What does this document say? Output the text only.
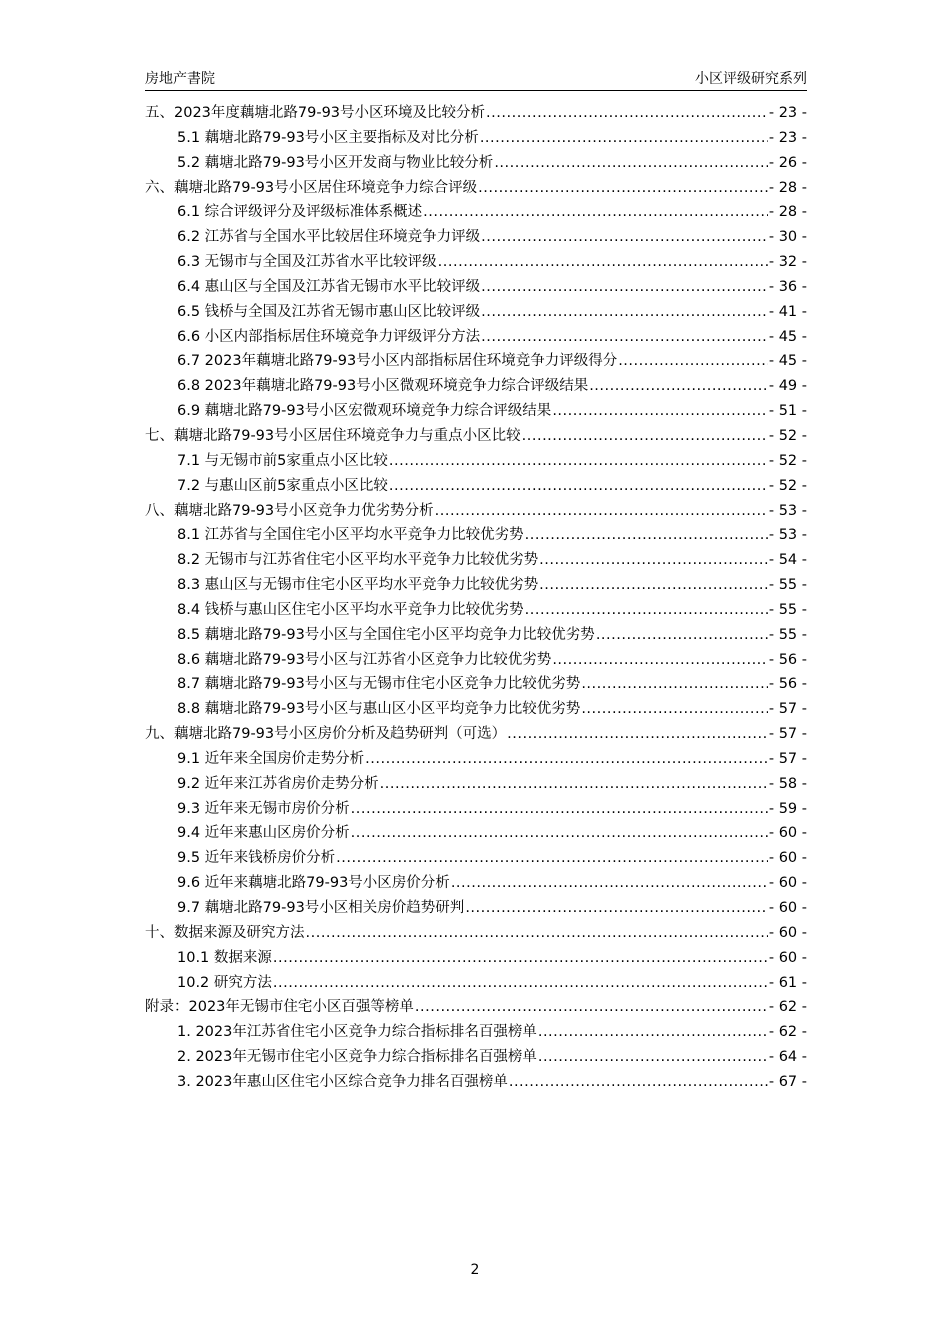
房地产書院	小区评级研究系列
五、2023年度藕塘北路79-93号小区环境及比较分析 .....	- 23 -
5.1 藕塘北路79-93号小区主要指标及对比分析 .....	- 23 -
5.2 藕塘北路79-93号小区开发商与物业比较分析 .....	- 26 -
六、藕塘北路79-93号小区居住环境竞争力综合评级 .....	- 28 -
6.1 综合评级评分及评级标准体系概述 .....	- 28 -
6.2 江苏省与全国水平比较居住环境竞争力评级 .....	- 30 -
6.3 无锡市与全国及江苏省水平比较评级 .....	- 32 -
6.4 惠山区与全国及江苏省无锡市水平比较评级 .....	- 36 -
6.5 钱桥与全国及江苏省无锡市惠山区比较评级 .....	- 41 -
6.6 小区内部指标居住环境竞争力评级评分方法 .....	- 45 -
6.7 2023年藕塘北路79-93号小区内部指标居住环境竞争力评级得分 .....	- 45 -
6.8 2023年藕塘北路79-93号小区微观环境竞争力综合评级结果 .....	- 49 -
6.9 藕塘北路79-93号小区宏微观环境竞争力综合评级结果 .....	- 51 -
七、藕塘北路79-93号小区居住环境竞争力与重点小区比较 .....	- 52 -
7.1 与无锡市前5家重点小区比较 .....	- 52 -
7.2 与惠山区前5家重点小区比较 .....	- 52 -
八、藕塘北路79-93号小区竞争力优劣势分析 .....	- 53 -
8.1 江苏省与全国住宅小区平均水平竞争力比较优劣势 .....	- 53 -
8.2 无锡市与江苏省住宅小区平均水平竞争力比较优劣势 .....	- 54 -
8.3 惠山区与无锡市住宅小区平均水平竞争力比较优劣势 .....	- 55 -
8.4 钱桥与惠山区住宅小区平均水平竞争力比较优劣势 .....	- 55 -
8.5 藕塘北路79-93号小区与全国住宅小区平均竞争力比较优劣势 .....	- 55 -
8.6 藕塘北路79-93号小区与江苏省小区竞争力比较优劣势 .....	- 56 -
8.7 藕塘北路79-93号小区与无锡市住宅小区竞争力比较优劣势 .....	- 56 -
8.8 藕塘北路79-93号小区与惠山区小区平均竞争力比较优劣势 .....	- 57 -
九、藕塘北路79-93号小区房价分析及趋势研判（可选） .....	- 57 -
9.1 近年来全国房价走势分析 .....	- 57 -
9.2 近年来江苏省房价走势分析 .....	- 58 -
9.3 近年来无锡市房价分析 .....	- 59 -
9.4 近年来惠山区房价分析 .....	- 60 -
9.5 近年来钱桥房价分析 .....	- 60 -
9.6 近年来藕塘北路79-93号小区房价分析 .....	- 60 -
9.7 藕塘北路79-93号小区相关房价趋势研判 .....	- 60 -
十、数据来源及研究方法 .....	- 60 -
10.1 数据来源 .....	- 60 -
10.2 研究方法 .....	- 61 -
附录：2023年无锡市住宅小区百强等榜单 .....	- 62 -
1. 2023年江苏省住宅小区竞争力综合指标排名百强榜单 .....	- 62 -
2. 2023年无锡市住宅小区竞争力综合指标排名百强榜单 .....	- 64 -
3. 2023年惠山区住宅小区综合竞争力排名百强榜单 .....	- 67 -
2
